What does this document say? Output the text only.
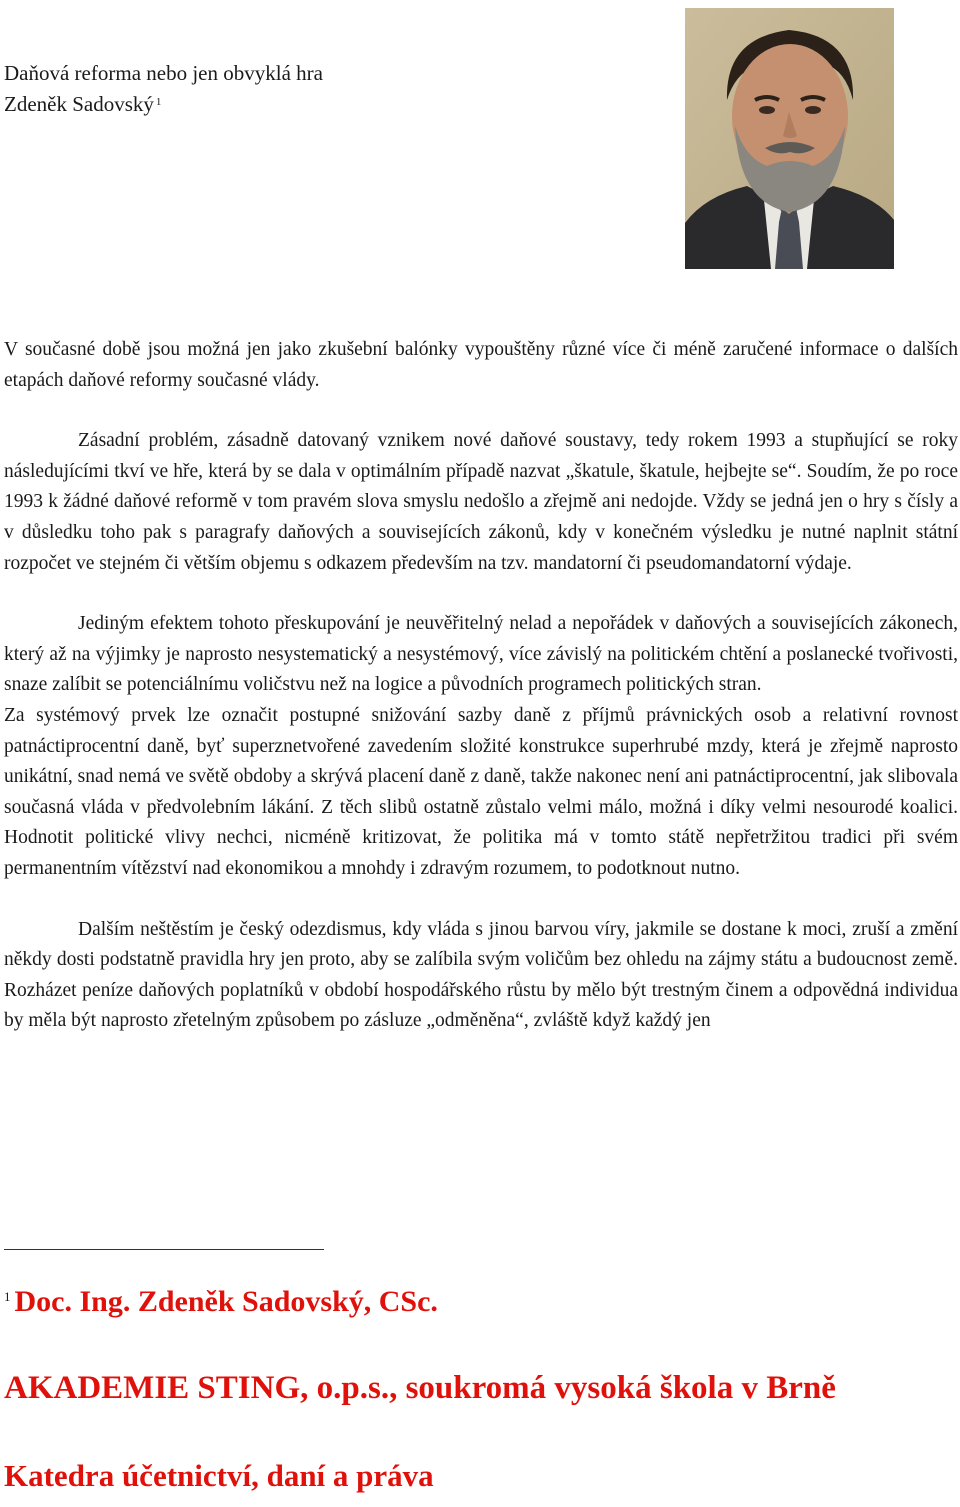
Daňová reforma nebo jen obvyklá hra
Zdeněk Sadovský $^1$

V současné době jsou možná jen jako zkušební balónky vypouštěny různé více či méně zaručené informace o dalších etapách daňové reformy současné vlády.

Zásadní problém, zásadně datovaný vznikem nové daňové soustavy, tedy rokem 1993 a stupňující se roky následujícími tkví ve hře, která by se dala v optimálním případě nazvat „škatule, škatule, hejbejte se“. Soudím, že po roce 1993 k žádné daňové reformě v tom pravém slova smyslu nedošlo a zřejmě ani nedojde. Vždy se jedná jen o hry s čísly a v důsledku toho pak s paragrafy daňových a souvisejících zákonů, kdy v konečném výsledku je nutné naplnit státní rozpočet ve stejném či větším objemu s odkazem především na tzv. mandatorní či pseudomandatorní výdaje.

Jediným efektem tohoto přeskupování je neuvěřitelný nelad a nepořádek v daňových a souvisejících zákonech, který až na výjimky je naprosto nesystematický a nesystémový, více závislý na politickém chtění a poslanecké tvořivosti, snaze zalíbit se potenciálnímu voličstvu než na logice a původních programech politických stran.

Za systémový prvek lze označit postupné snižování sazby daně z příjmů právnických osob a relativní rovnost patnáctiprocentní daně, byť superznetvořené zavedením složité konstrukce superhrubé mzdy, která je zřejmě naprosto unikátní, snad nemá ve světě obdoby a skrývá placení daně z daně, takže nakonec není ani patnáctiprocentní, jak slibovala současná vláda v předvolebním lákání. Z těch slibů ostatně zůstalo velmi málo, možná i díky velmi nesourodé koalici. Hodnotit politické vlivy nechci, nicméně kritizovat, že politika má v tomto státě nepřetržitou tradici při svém permanentním vítězství nad ekonomikou a mnohdy i zdravým rozumem, to podotknout nutno.

Dalším neštěstím je český odezdismus, kdy vláda s jinou barvou víry, jakmile se dostane k moci, zruší a změní někdy dosti podstatně pravidla hry jen proto, aby se zalíbila svým voličům bez ohledu na zájmy státu a budoucnost země. Rozházet peníze daňových poplatníků v období hospodářského růstu by mělo být trestným činem a odpovědná individua by měla být naprosto zřetelným způsobem po zásluze „odměněna“, zvláště když každý jen

$^1$ Doc. Ing. Zdeněk Sadovský, CSc.
AKADEMIE STING, o.p.s., soukromá vysoká škola v Brně
Katedra účetnictví, daní a práva
